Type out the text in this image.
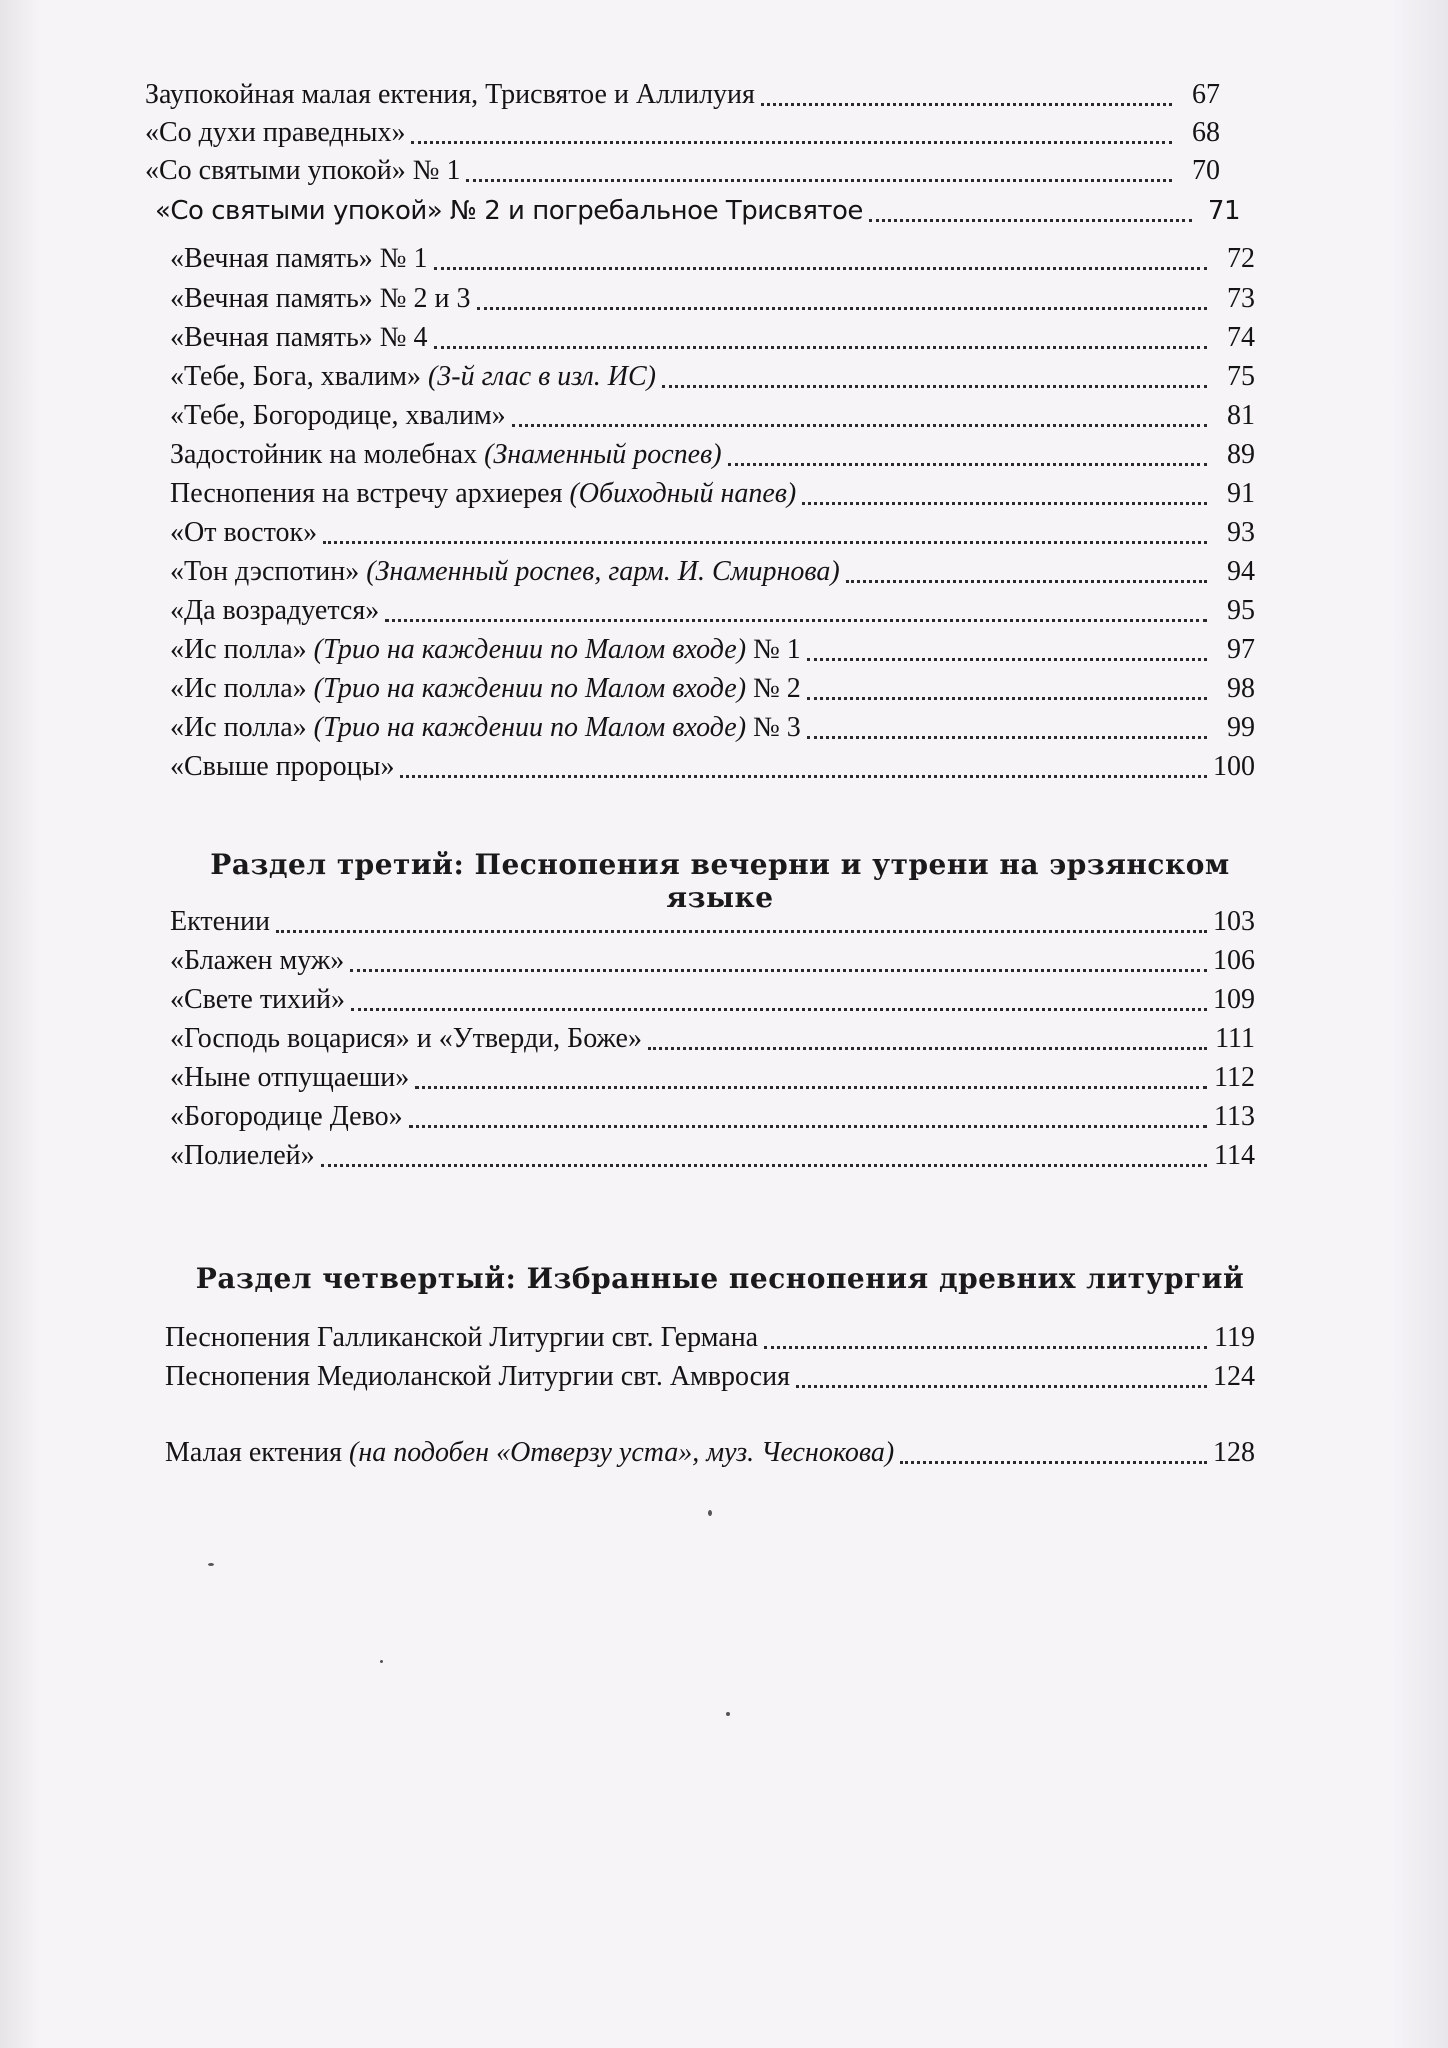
Заупокойная малая ектения, Трисвятое и Аллилуия	67
«Со духи праведных»	68
«Со святыми упокой» № 1	70
«Со святыми упокой» № 2 и погребальное Трисвятое	71
«Вечная память» № 1	72
«Вечная память» № 2 и 3	73
«Вечная память» № 4	74
«Тебе, Бога, хвалим» (3-й глас в изл. ИС)	75
«Тебе, Богородице, хвалим»	81
Задостойник на молебнах (Знаменный роспев)	89
Песнопения на встречу архиерея (Обиходный напев)	91
«От восток»	93
«Тон дэспотин» (Знаменный роспев, гарм. И. Смирнова)	94
«Да возрадуется»	95
«Ис полла» (Трио на каждении по Малом входе) № 1	97
«Ис полла» (Трио на каждении по Малом входе) № 2	98
«Ис полла» (Трио на каждении по Малом входе) № 3	99
«Свыше пророцы»	100
Раздел третий: Песнопения вечерни и утрени на эрзянском языке
Ектении	103
«Блажен муж»	106
«Свете тихий»	109
«Господь воцарися» и «Утверди, Боже»	111
«Ныне отпущаеши»	112
«Богородице Дево»	113
«Полиелей»	114
Раздел четвертый: Избранные песнопения древних литургий
Песнопения Галликанской Литургии свт. Германа	119
Песнопения Медиоланской Литургии свт. Амвросия	124
Малая ектения (на подобен «Отверзу уста», муз. Чеснокова)	128
